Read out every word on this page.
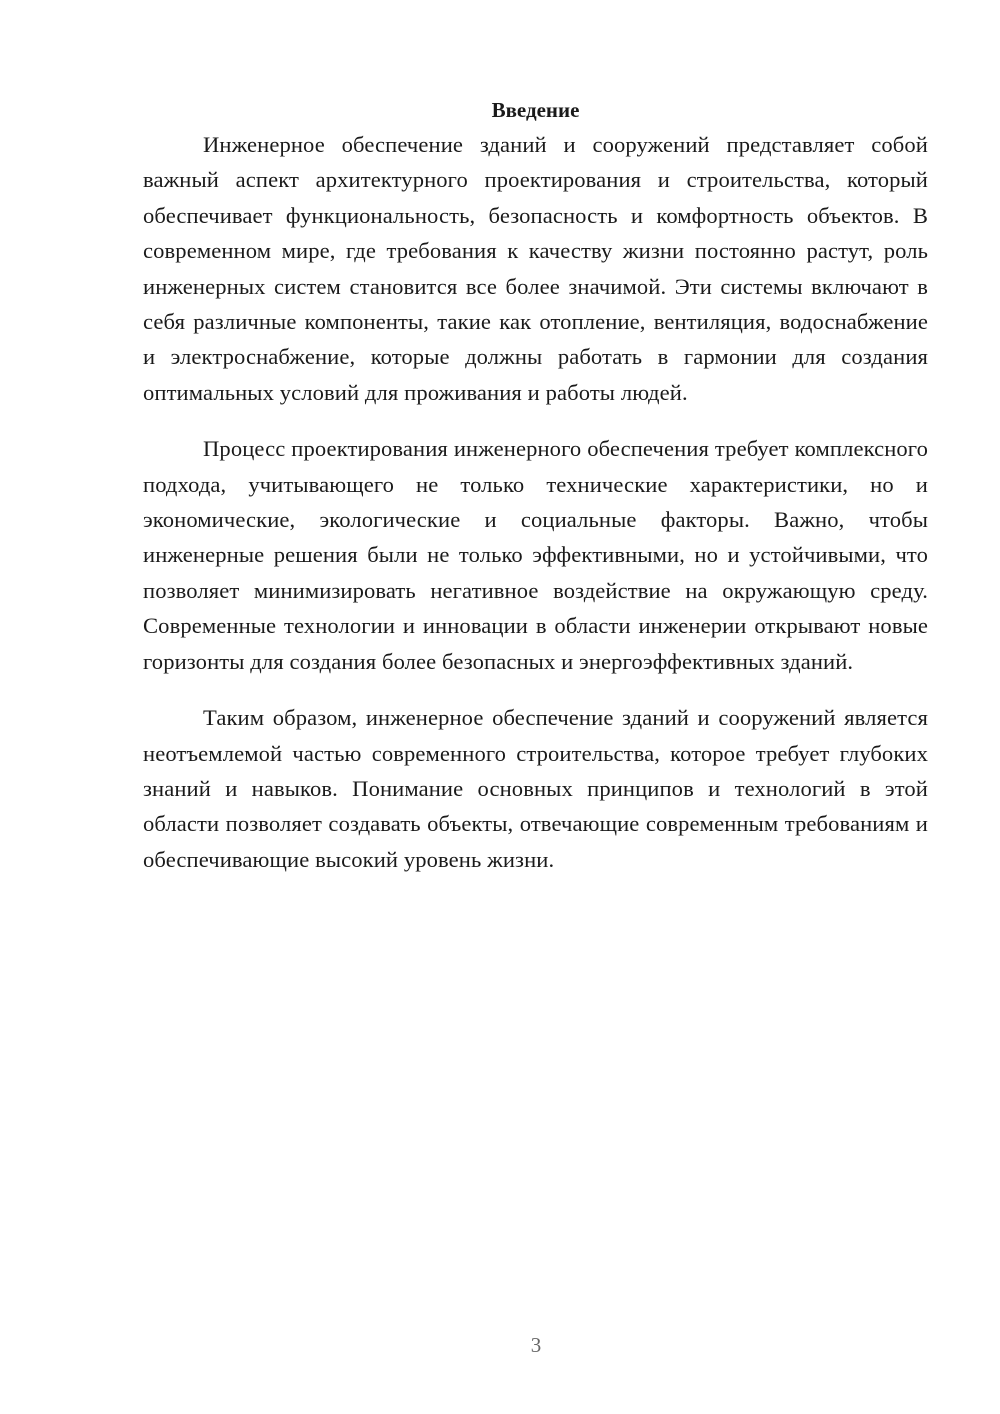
Введение

Инженерное обеспечение зданий и сооружений представляет собой важный аспект архитектурного проектирования и строительства, который обеспечивает функциональность, безопасность и комфортность объектов. В современном мире, где требования к качеству жизни постоянно растут, роль инженерных систем становится все более значимой. Эти системы включают в себя различные компоненты, такие как отопление, вентиляция, водоснабжение и электроснабжение, которые должны работать в гармонии для создания оптимальных условий для проживания и работы людей.

Процесс проектирования инженерного обеспечения требует комплексного подхода, учитывающего не только технические характеристики, но и экономические, экологические и социальные факторы. Важно, чтобы инженерные решения были не только эффективными, но и устойчивыми, что позволяет минимизировать негативное воздействие на окружающую среду. Современные технологии и инновации в области инженерии открывают новые горизонты для создания более безопасных и энергоэффективных зданий.

Таким образом, инженерное обеспечение зданий и сооружений является неотъемлемой частью современного строительства, которое требует глубоких знаний и навыков. Понимание основных принципов и технологий в этой области позволяет создавать объекты, отвечающие современным требованиям и обеспечивающие высокий уровень жизни.

3
